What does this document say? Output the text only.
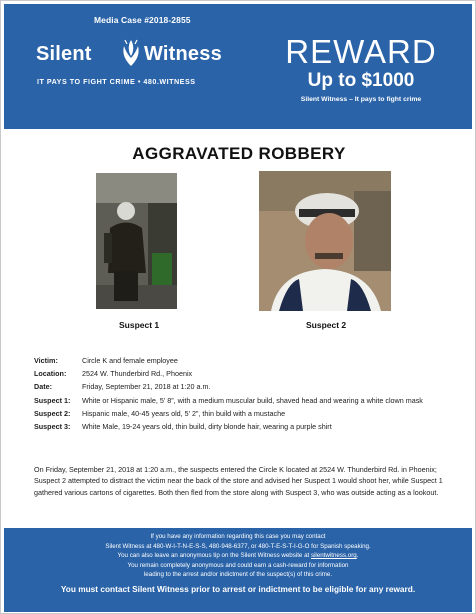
Media Case #2018-2855
Silent	Witness
IT PAYS TO FIGHT CRIME • 480.WITNESS
REWARD
Up to $1000
Silent Witness – It pays to fight crime
AGGRAVATED ROBBERY
Suspect 1	Suspect 2
Victim:	Circle K and female employee
Location:	2524 W. Thunderbird Rd., Phoenix
Date:	Friday, September 21, 2018 at 1:20 a.m.
Suspect 1:	White or Hispanic male, 5’ 8”, with a medium muscular build, shaved head and wearing a white clown mask
Suspect 2:	Hispanic male, 40-45 years old, 5’ 2”, thin build with a mustache
Suspect 3:	White Male, 19-24 years old, thin build, dirty blonde hair, wearing a purple shirt
On Friday, September 21, 2018 at 1:20 a.m., the suspects entered the Circle K located at 2524 W. Thunderbird Rd. in Phoenix; Suspect 2 attempted to distract the victim near the back of the store and advised her Suspect 1 would shoot her, while Suspect 1 gathered various cartons of cigarettes. Both then fled from the store along with Suspect 3, who was outside acting as a lookout.
If you have any information regarding this case you may contact
Silent Witness at 480-W-I-T-N-E-S-S, 480-948-6377, or 480-T-E-S-T-I-G-O for Spanish speaking.
You can also leave an anonymous tip on the Silent Witness website at silentwitness.org.
You remain completely anonymous and could earn a cash-reward for information
leading to the arrest and/or indictment of the suspect(s) of this crime.
You must contact Silent Witness prior to arrest or indictment to be eligible for any reward.
